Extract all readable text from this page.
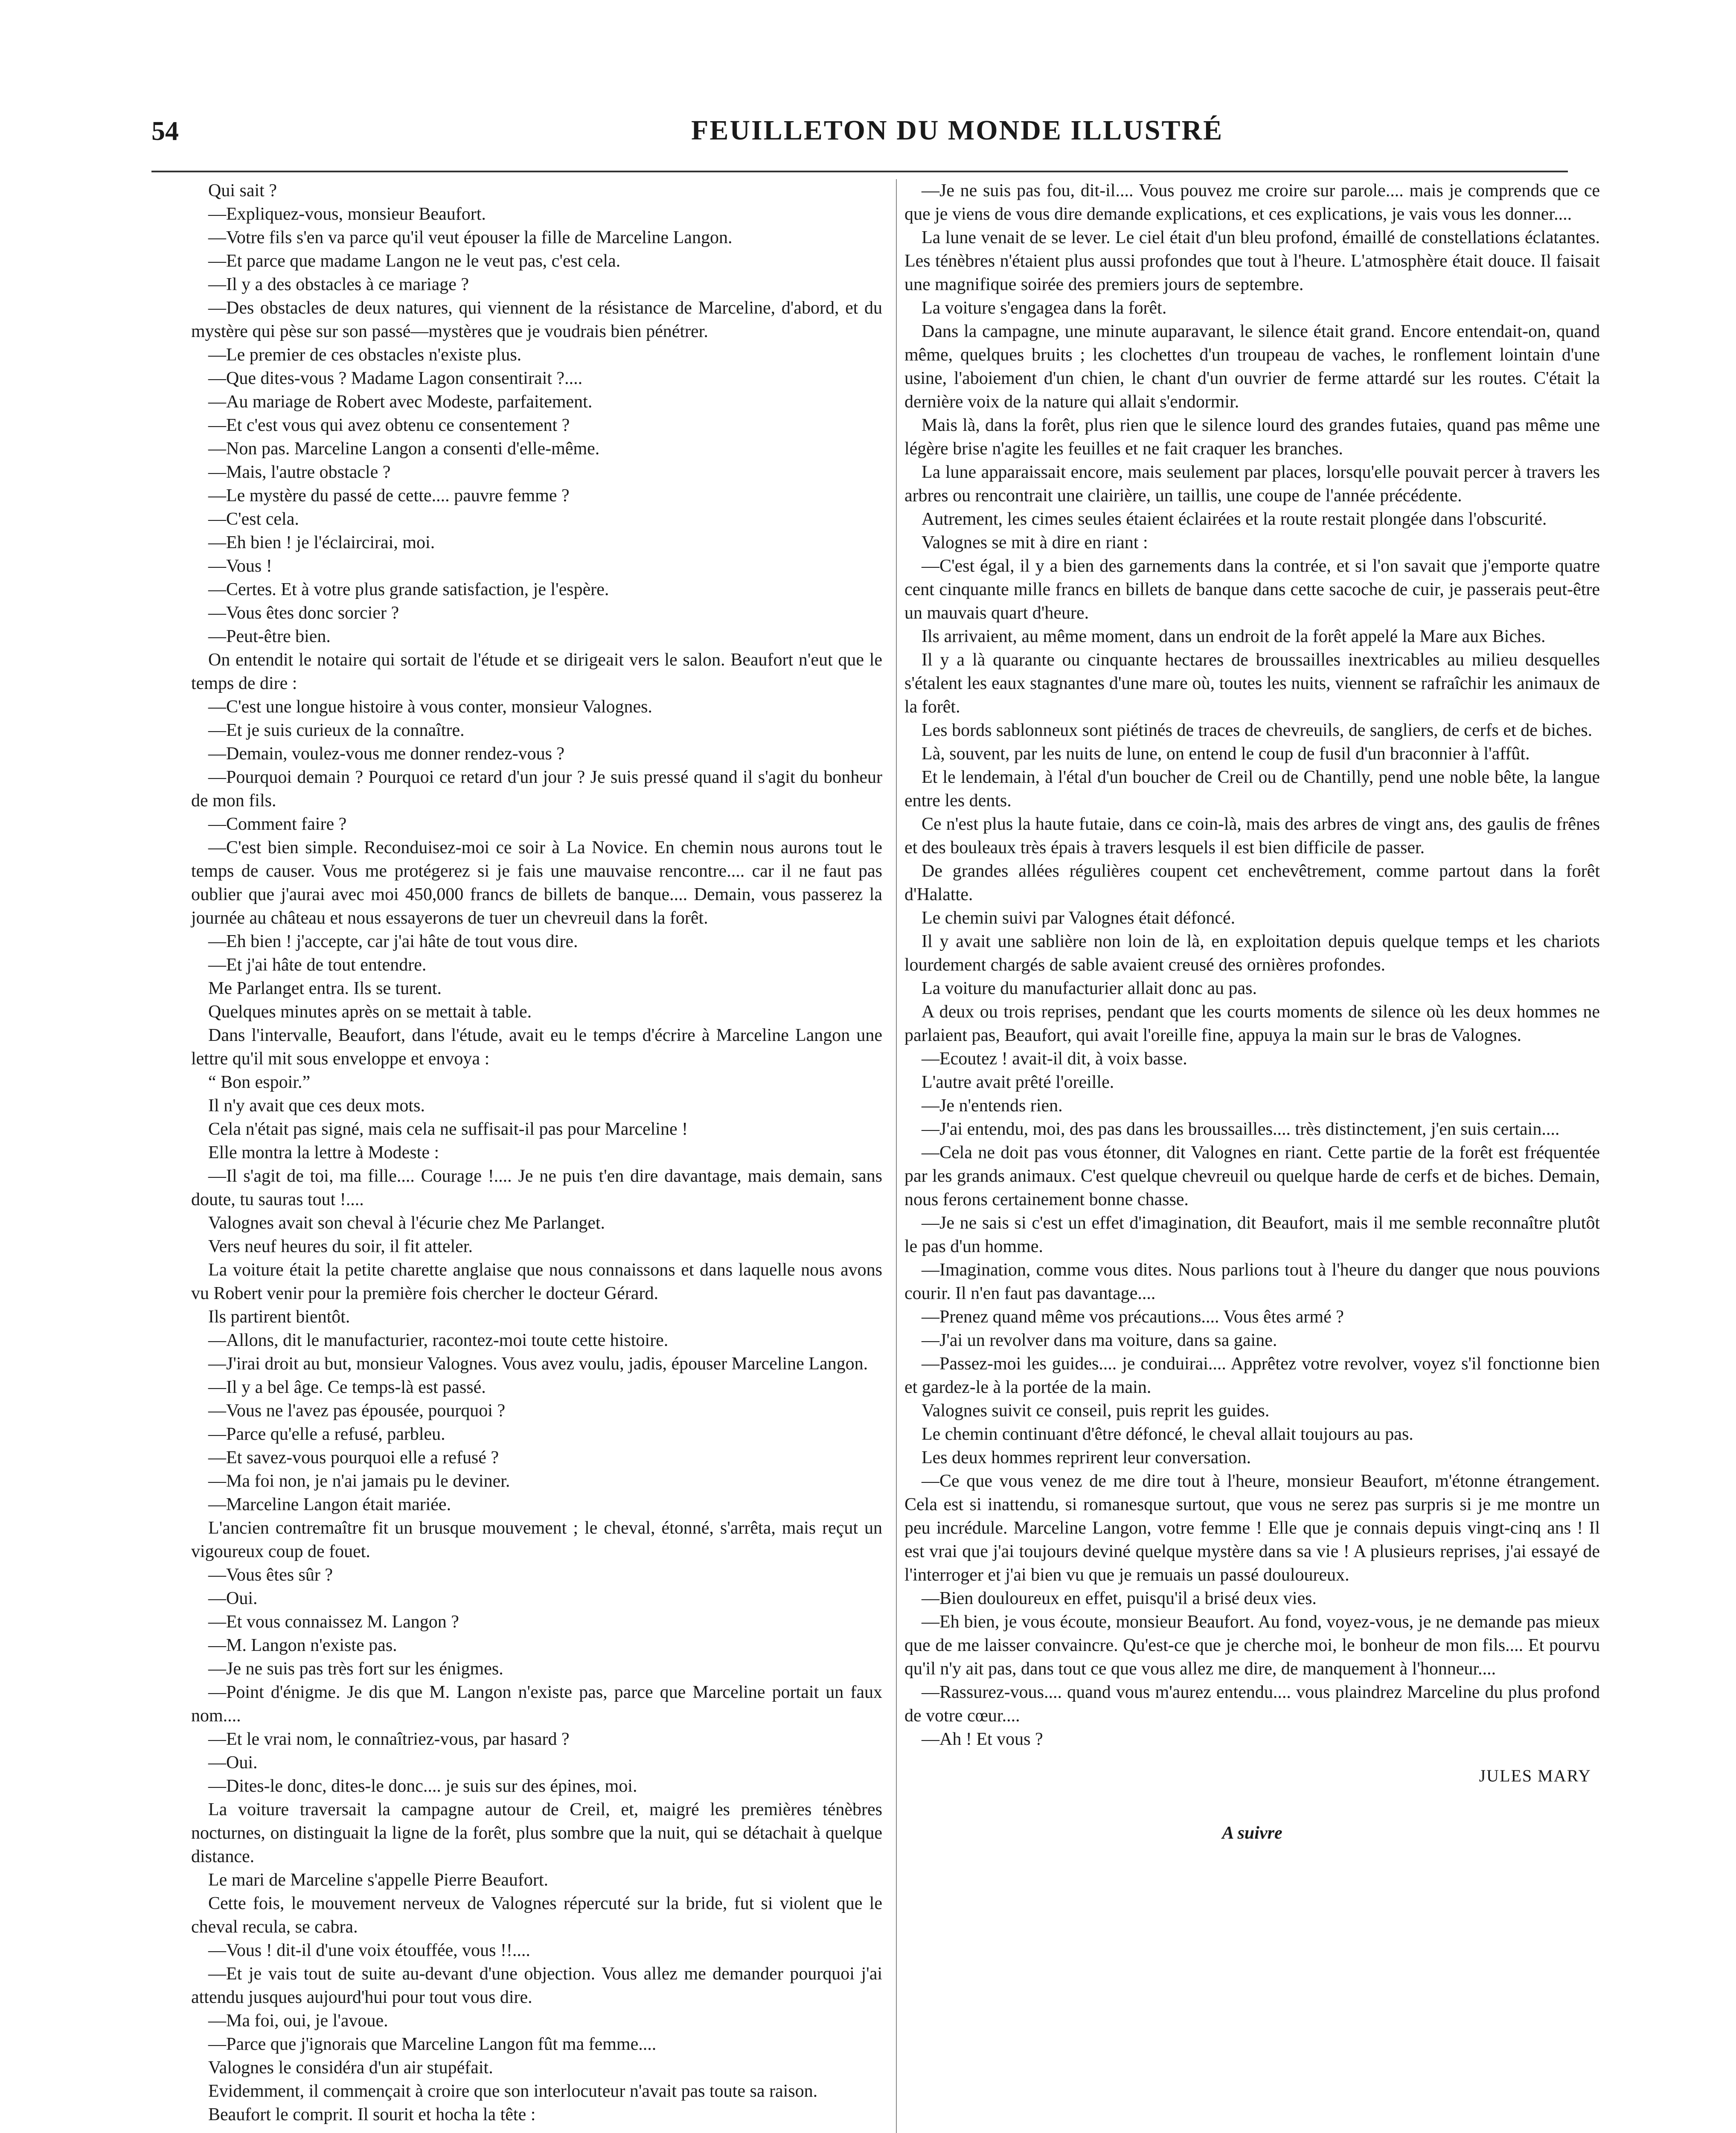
54	FEUILLETON DU MONDE ILLUSTRÉ

Qui sait ?

—Expliquez-vous, monsieur Beaufort.

—Votre fils s'en va parce qu'il veut épouser la fille de Marceline Langon.

—Et parce que madame Langon ne le veut pas, c'est cela.

—Il y a des obstacles à ce mariage ?

—Des obstacles de deux natures, qui viennent de la résistance de Marceline, d'abord, et du mystère qui pèse sur son passé—mystères que je voudrais bien pénétrer.

—Le premier de ces obstacles n'existe plus.

—Que dites-vous ? Madame Lagon consentirait ?....

—Au mariage de Robert avec Modeste, parfaitement.

—Et c'est vous qui avez obtenu ce consentement ?

—Non pas. Marceline Langon a consenti d'elle-même.

—Mais, l'autre obstacle ?

—Le mystère du passé de cette.... pauvre femme ?

—C'est cela.

—Eh bien ! je l'éclaircirai, moi.

—Vous !

—Certes. Et à votre plus grande satisfaction, je l'espère.

—Vous êtes donc sorcier ?

—Peut-être bien.

On entendit le notaire qui sortait de l'étude et se dirigeait vers le salon. Beaufort n'eut que le temps de dire :

—C'est une longue histoire à vous conter, monsieur Valognes.

—Et je suis curieux de la connaître.

—Demain, voulez-vous me donner rendez-vous ?

—Pourquoi demain ? Pourquoi ce retard d'un jour ? Je suis pressé quand il s'agit du bonheur de mon fils.

—Comment faire ?

—C'est bien simple. Reconduisez-moi ce soir à La Novice. En chemin nous aurons tout le temps de causer. Vous me protégerez si je fais une mauvaise rencontre.... car il ne faut pas oublier que j'aurai avec moi 450,000 francs de billets de banque.... Demain, vous passerez la journée au château et nous essayerons de tuer un chevreuil dans la forêt.

—Eh bien ! j'accepte, car j'ai hâte de tout vous dire.

—Et j'ai hâte de tout entendre.

Me Parlanget entra. Ils se turent.

Quelques minutes après on se mettait à table.

Dans l'intervalle, Beaufort, dans l'étude, avait eu le temps d'écrire à Marceline Langon une lettre qu'il mit sous enveloppe et envoya :

“ Bon espoir.”

Il n'y avait que ces deux mots.

Cela n'était pas signé, mais cela ne suffisait-il pas pour Marceline !

Elle montra la lettre à Modeste :

—Il s'agit de toi, ma fille.... Courage !.... Je ne puis t'en dire davantage, mais demain, sans doute, tu sauras tout !....

Valognes avait son cheval à l'écurie chez Me Parlanget.

Vers neuf heures du soir, il fit atteler.

La voiture était la petite charette anglaise que nous connaissons et dans laquelle nous avons vu Robert venir pour la première fois chercher le docteur Gérard.

Ils partirent bientôt.

—Allons, dit le manufacturier, racontez-moi toute cette histoire.

—J'irai droit au but, monsieur Valognes. Vous avez voulu, jadis, épouser Marceline Langon.

—Il y a bel âge. Ce temps-là est passé.

—Vous ne l'avez pas épousée, pourquoi ?

—Parce qu'elle a refusé, parbleu.

—Et savez-vous pourquoi elle a refusé ?

—Ma foi non, je n'ai jamais pu le deviner.

—Marceline Langon était mariée.

L'ancien contremaître fit un brusque mouvement ; le cheval, étonné, s'arrêta, mais reçut un vigoureux coup de fouet.

—Vous êtes sûr ?

—Oui.

—Et vous connaissez M. Langon ?

—M. Langon n'existe pas.

—Je ne suis pas très fort sur les énigmes.

—Point d'énigme. Je dis que M. Langon n'existe pas, parce que Marceline portait un faux nom....

—Et le vrai nom, le connaîtriez-vous, par hasard ?

—Oui.

—Dites-le donc, dites-le donc.... je suis sur des épines, moi.

La voiture traversait la campagne autour de Creil, et, maigré les premières ténèbres nocturnes, on distinguait la ligne de la forêt, plus sombre que la nuit, qui se détachait à quelque distance.

Le mari de Marceline s'appelle Pierre Beaufort.

Cette fois, le mouvement nerveux de Valognes répercuté sur la bride, fut si violent que le cheval recula, se cabra.

—Vous ! dit-il d'une voix étouffée, vous !!....

—Et je vais tout de suite au-devant d'une objection. Vous allez me demander pourquoi j'ai attendu jusques aujourd'hui pour tout vous dire.

—Ma foi, oui, je l'avoue.

—Parce que j'ignorais que Marceline Langon fût ma femme....

Valognes le considéra d'un air stupéfait.

Evidemment, il commençait à croire que son interlocuteur n'avait pas toute sa raison.

Beaufort le comprit. Il sourit et hocha la tête :

—Je ne suis pas fou, dit-il.... Vous pouvez me croire sur parole.... mais je comprends que ce que je viens de vous dire demande explications, et ces explications, je vais vous les donner....

La lune venait de se lever. Le ciel était d'un bleu profond, émaillé de constellations éclatantes. Les ténèbres n'étaient plus aussi profondes que tout à l'heure. L'atmosphère était douce. Il faisait une magnifique soirée des premiers jours de septembre.

La voiture s'engagea dans la forêt.

Dans la campagne, une minute auparavant, le silence était grand. Encore entendait-on, quand même, quelques bruits ; les clochettes d'un troupeau de vaches, le ronflement lointain d'une usine, l'aboiement d'un chien, le chant d'un ouvrier de ferme attardé sur les routes. C'était la dernière voix de la nature qui allait s'endormir.

Mais là, dans la forêt, plus rien que le silence lourd des grandes futaies, quand pas même une légère brise n'agite les feuilles et ne fait craquer les branches.

La lune apparaissait encore, mais seulement par places, lorsqu'elle pouvait percer à travers les arbres ou rencontrait une clairière, un taillis, une coupe de l'année précédente.

Autrement, les cimes seules étaient éclairées et la route restait plongée dans l'obscurité.

Valognes se mit à dire en riant :

—C'est égal, il y a bien des garnements dans la contrée, et si l'on savait que j'emporte quatre cent cinquante mille francs en billets de banque dans cette sacoche de cuir, je passerais peut-être un mauvais quart d'heure.

Ils arrivaient, au même moment, dans un endroit de la forêt appelé la Mare aux Biches.

Il y a là quarante ou cinquante hectares de broussailles inextricables au milieu desquelles s'étalent les eaux stagnantes d'une mare où, toutes les nuits, viennent se rafraîchir les animaux de la forêt.

Les bords sablonneux sont piétinés de traces de chevreuils, de sangliers, de cerfs et de biches.

Là, souvent, par les nuits de lune, on entend le coup de fusil d'un braconnier à l'affût.

Et le lendemain, à l'étal d'un boucher de Creil ou de Chantilly, pend une noble bête, la langue entre les dents.

Ce n'est plus la haute futaie, dans ce coin-là, mais des arbres de vingt ans, des gaulis de frênes et des bouleaux très épais à travers lesquels il est bien difficile de passer.

De grandes allées régulières coupent cet enchevêtrement, comme partout dans la forêt d'Halatte.

Le chemin suivi par Valognes était défoncé.

Il y avait une sablière non loin de là, en exploitation depuis quelque temps et les chariots lourdement chargés de sable avaient creusé des ornières profondes.

La voiture du manufacturier allait donc au pas.

A deux ou trois reprises, pendant que les courts moments de silence où les deux hommes ne parlaient pas, Beaufort, qui avait l'oreille fine, appuya la main sur le bras de Valognes.

—Ecoutez ! avait-il dit, à voix basse.

L'autre avait prêté l'oreille.

—Je n'entends rien.

—J'ai entendu, moi, des pas dans les broussailles.... très distinctement, j'en suis certain....

—Cela ne doit pas vous étonner, dit Valognes en riant. Cette partie de la forêt est fréquentée par les grands animaux. C'est quelque chevreuil ou quelque harde de cerfs et de biches. Demain, nous ferons certainement bonne chasse.

—Je ne sais si c'est un effet d'imagination, dit Beaufort, mais il me semble reconnaître plutôt le pas d'un homme.

—Imagination, comme vous dites. Nous parlions tout à l'heure du danger que nous pouvions courir. Il n'en faut pas davantage....

—Prenez quand même vos précautions.... Vous êtes armé ?

—J'ai un revolver dans ma voiture, dans sa gaine.

—Passez-moi les guides.... je conduirai.... Apprêtez votre revolver, voyez s'il fonctionne bien et gardez-le à la portée de la main.

Valognes suivit ce conseil, puis reprit les guides.

Le chemin continuant d'être défoncé, le cheval allait toujours au pas.

Les deux hommes reprirent leur conversation.

—Ce que vous venez de me dire tout à l'heure, monsieur Beaufort, m'étonne étrangement. Cela est si inattendu, si romanesque surtout, que vous ne serez pas surpris si je me montre un peu incrédule. Marceline Langon, votre femme ! Elle que je connais depuis vingt-cinq ans ! Il est vrai que j'ai toujours deviné quelque mystère dans sa vie ! A plusieurs reprises, j'ai essayé de l'interroger et j'ai bien vu que je remuais un passé douloureux.

—Bien douloureux en effet, puisqu'il a brisé deux vies.

—Eh bien, je vous écoute, monsieur Beaufort. Au fond, voyez-vous, je ne demande pas mieux que de me laisser convaincre. Qu'est-ce que je cherche moi, le bonheur de mon fils.... Et pourvu qu'il n'y ait pas, dans tout ce que vous allez me dire, de manquement à l'honneur....

—Rassurez-vous.... quand vous m'aurez entendu.... vous plaindrez Marceline du plus profond de votre cœur....

—Ah ! Et vous ?

JULES MARY
A suivre
